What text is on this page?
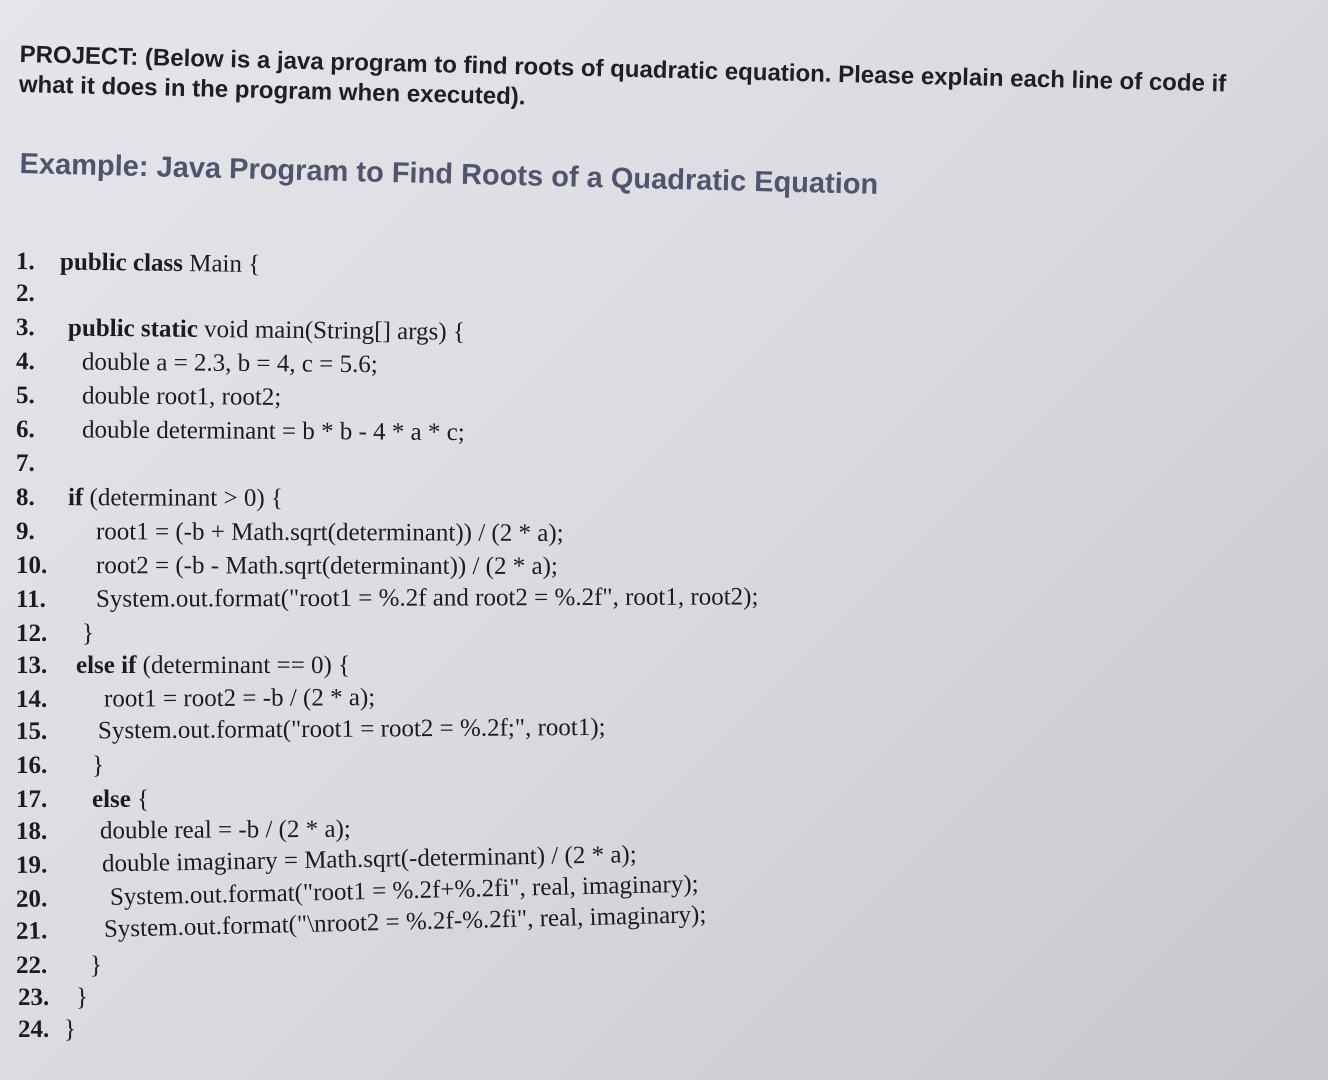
PROJECT: (Below is a java program to find roots of quadratic equation. Please explain each line of code if what it does in the program when executed).
Example: Java Program to Find Roots of a Quadratic Equation
1. public class Main {
2.
3. public static void main(String[] args) {
4. double a = 2.3, b = 4, c = 5.6;
5. double root1, root2;
6. double determinant = b * b - 4 * a * c;
7.
8. if (determinant > 0) {
9. root1 = (-b + Math.sqrt(determinant)) / (2 * a);
10. root2 = (-b - Math.sqrt(determinant)) / (2 * a);
11. System.out.format("root1 = %.2f and root2 = %.2f", root1, root2);
12. }
13. else if (determinant == 0) {
14. root1 = root2 = -b / (2 * a);
15. System.out.format("root1 = root2 = %.2f;", root1);
16. }
17. else {
18. double real = -b / (2 * a);
19. double imaginary = Math.sqrt(-determinant) / (2 * a);
20. System.out.format("root1 = %.2f+%.2fi", real, imaginary);
21. System.out.format("\nroot2 = %.2f-%.2fi", real, imaginary);
22. }
23. }
24. }
